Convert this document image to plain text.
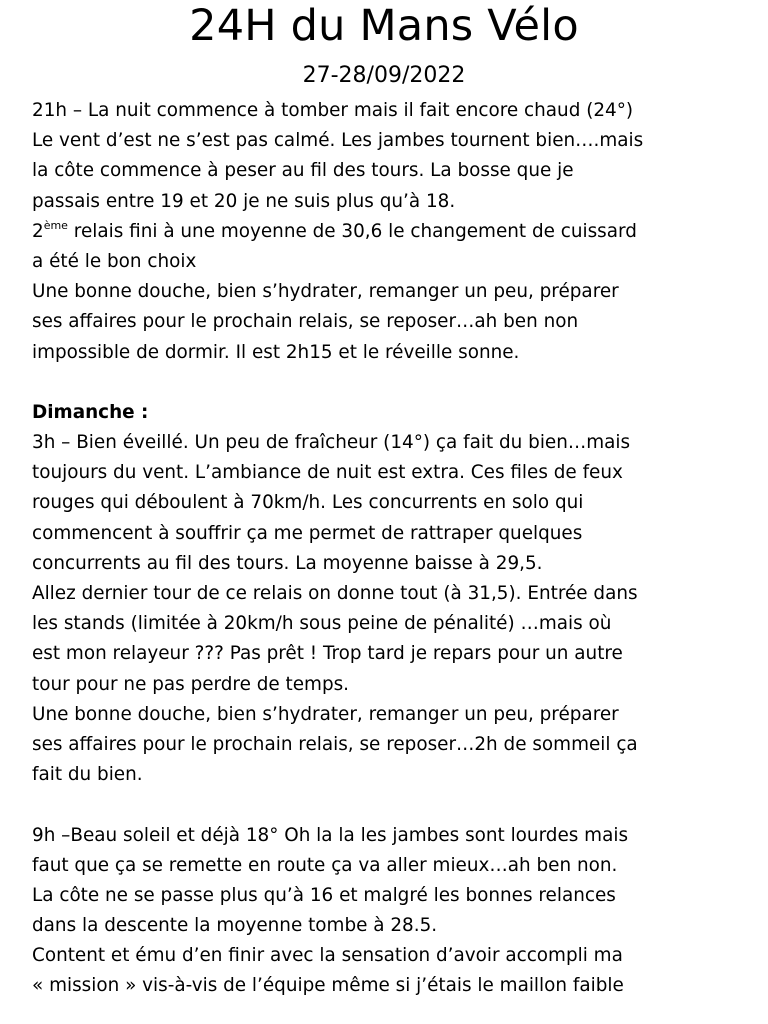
24H du Mans Vélo
27-28/09/2022
21h – La nuit commence à tomber mais il fait encore chaud (24°)
Le vent d’est ne s’est pas calmé. Les jambes tournent bien….mais
la côte commence à peser au fil des tours. La bosse que je
passais entre 19 et 20 je ne suis plus qu’à 18.
2ème relais fini à une moyenne de 30,6 le changement de cuissard
a été le bon choix
Une bonne douche, bien s’hydrater, remanger un peu, préparer
ses affaires pour le prochain relais, se reposer…ah ben non
impossible de dormir. Il est 2h15 et le réveille sonne.
Dimanche :
3h – Bien éveillé. Un peu de fraîcheur (14°) ça fait du bien…mais
toujours du vent. L’ambiance de nuit est extra. Ces files de feux
rouges qui déboulent à 70km/h. Les concurrents en solo qui
commencent à souffrir ça me permet de rattraper quelques
concurrents au fil des tours. La moyenne baisse à 29,5.
Allez dernier tour de ce relais on donne tout (à 31,5). Entrée dans
les stands (limitée à 20km/h sous peine de pénalité) …mais où
est mon relayeur ??? Pas prêt ! Trop tard je repars pour un autre
tour pour ne pas perdre de temps.
Une bonne douche, bien s’hydrater, remanger un peu, préparer
ses affaires pour le prochain relais, se reposer…2h de sommeil ça
fait du bien.
9h –Beau soleil et déjà 18° Oh la la les jambes sont lourdes mais
faut que ça se remette en route ça va aller mieux…ah ben non.
La côte ne se passe plus qu’à 16 et malgré les bonnes relances
dans la descente la moyenne tombe à 28.5.
Content et ému d’en finir avec la sensation d’avoir accompli ma
« mission » vis-à-vis de l’équipe même si j’étais le maillon faible
